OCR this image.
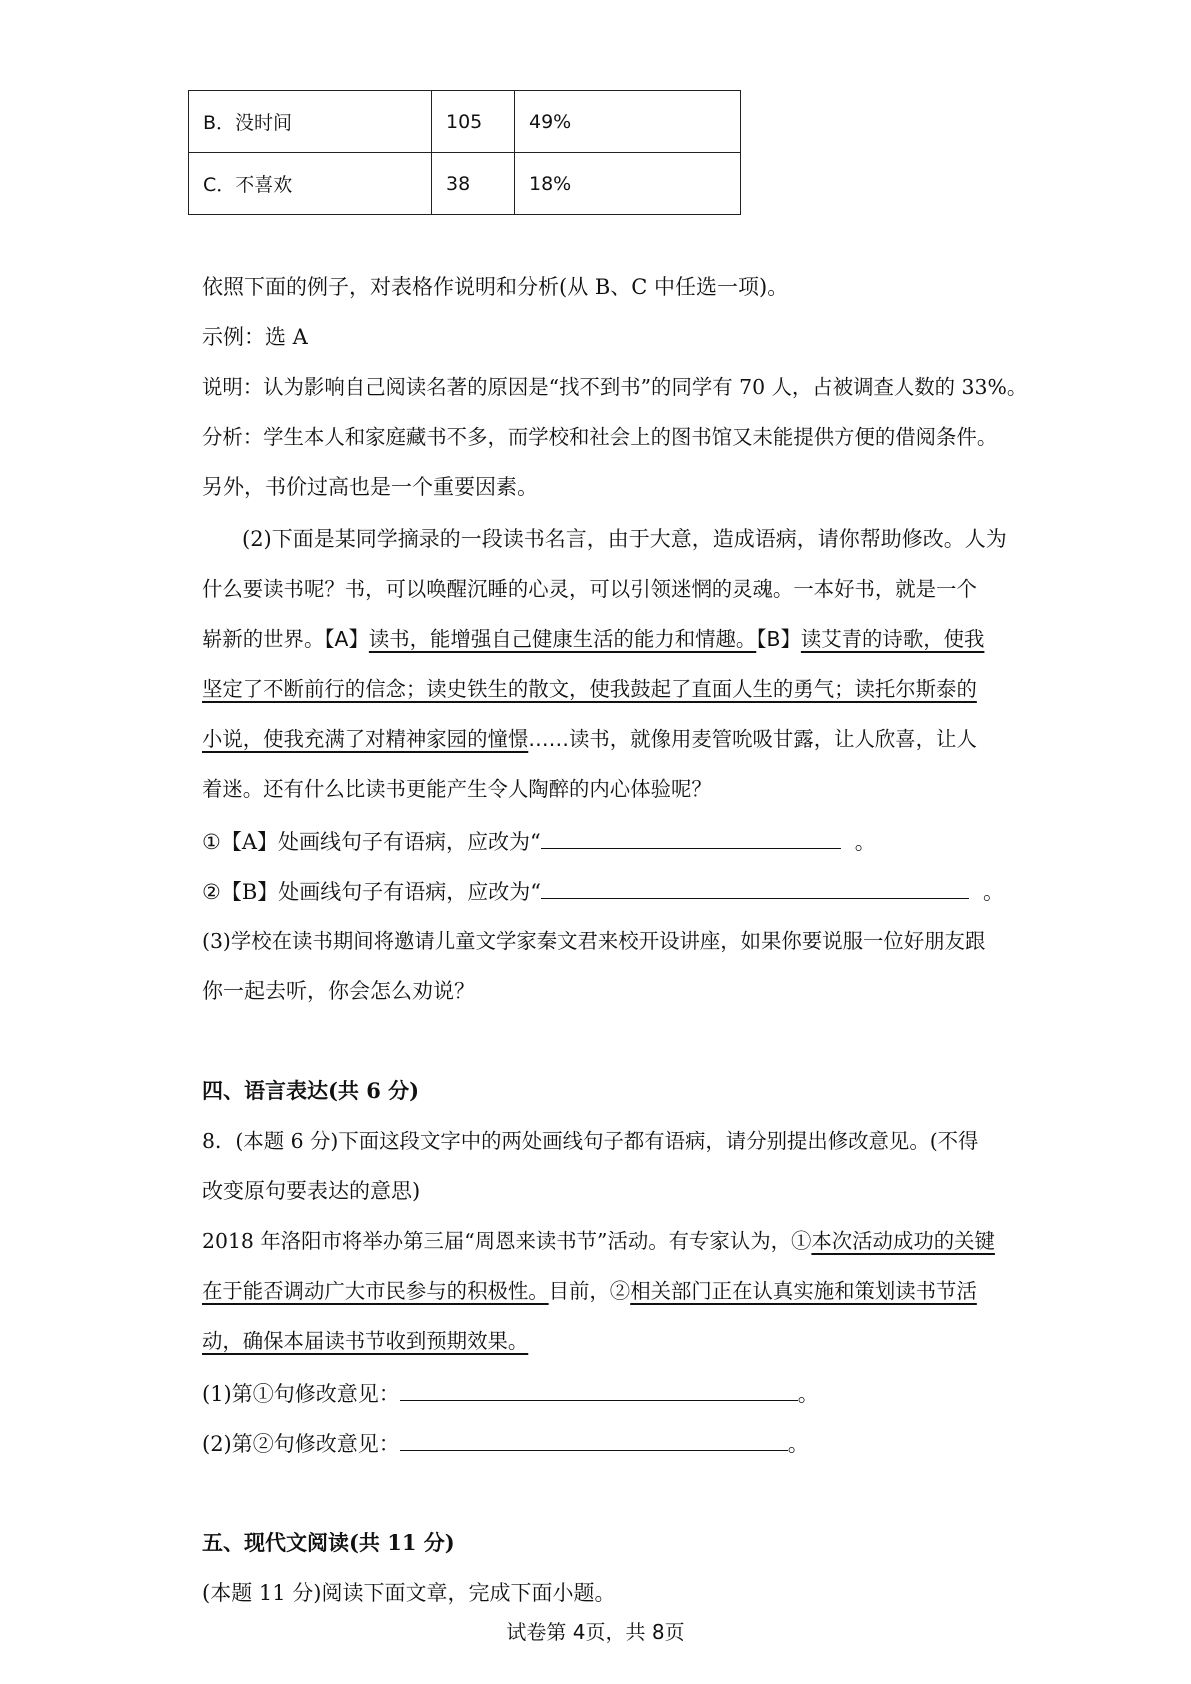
B．没时间	105	49%
C．不喜欢	38	18%

依照下面的例子，对表格作说明和分析(从 B、C 中任选一项)。

示例：选 A

说明：认为影响自己阅读名著的原因是“找不到书”的同学有 70 人，占被调查人数的 33%。

分析：学生本人和家庭藏书不多，而学校和社会上的图书馆又未能提供方便的借阅条件。

另外，书价过高也是一个重要因素。

(2)下面是某同学摘录的一段读书名言，由于大意，造成语病，请你帮助修改。人为

什么要读书呢？书，可以唤醒沉睡的心灵，可以引领迷惘的灵魂。一本好书，就是一个

崭新的世界。【A】读书，能增强自己健康生活的能力和情趣。【B】读艾青的诗歌，使我

坚定了不断前行的信念；读史铁生的散文，使我鼓起了直面人生的勇气；读托尔斯泰的

小说，使我充满了对精神家园的憧憬……读书，就像用麦管吮吸甘露，让人欣喜，让人

着迷。还有什么比读书更能产生令人陶醉的内心体验呢？

①【A】处画线句子有语病，应改为“	。

②【B】处画线句子有语病，应改为“	。

(3)学校在读书期间将邀请儿童文学家秦文君来校开设讲座，如果你要说服一位好朋友跟

你一起去听，你会怎么劝说？

四、语言表达(共 6 分)

8．(本题 6 分)下面这段文字中的两处画线句子都有语病，请分别提出修改意见。(不得

改变原句要表达的意思)

2018 年洛阳市将举办第三届“周恩来读书节”活动。有专家认为，①本次活动成功的关键

在于能否调动广大市民参与的积极性。目前，②相关部门正在认真实施和策划读书节活

动，确保本届读书节收到预期效果。

(1)第①句修改意见：	。

(2)第②句修改意见：	。

五、现代文阅读(共 11 分)

(本题 11 分)阅读下面文章，完成下面小题。

试卷第 4页，共 8页
